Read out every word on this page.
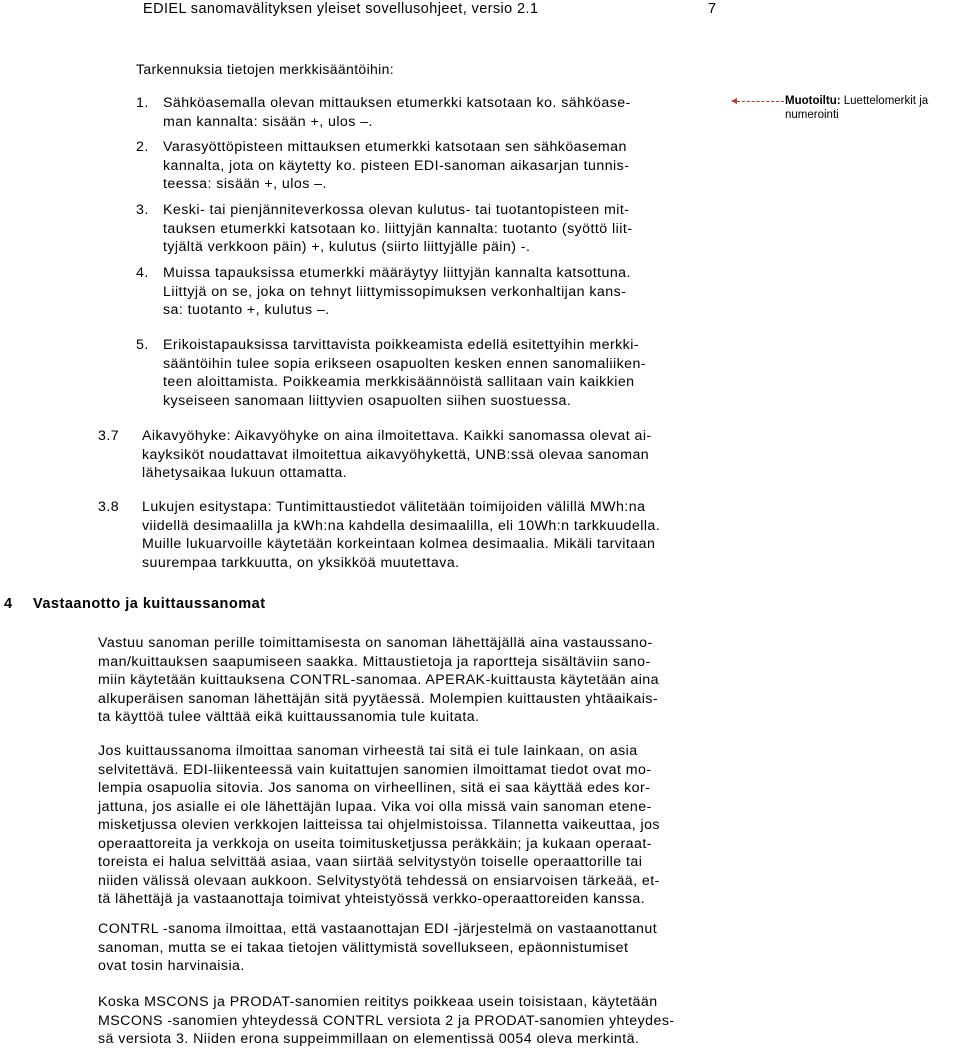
EDIEL sanomavälityksen yleiset sovellusohjeet, versio 2.1	7
Tarkennuksia tietojen merkkisääntöihin:
1. Sähköasemalla olevan mittauksen etumerkki katsotaan ko. sähköase-
man kannalta: sisään +, ulos –.
2. Varasyöttöpisteen mittauksen etumerkki katsotaan sen sähköaseman
kannalta, jota on käytetty ko. pisteen EDI-sanoman aikasarjan tunnis-
teessa: sisään +, ulos –.
3. Keski- tai pienjänniteverkossa olevan kulutus- tai tuotantopisteen mit-
tauksen etumerkki katsotaan ko. liittyjän kannalta: tuotanto (syöttö liit-
tyjältä verkkoon päin) +, kulutus (siirto liittyjälle päin) -.
4. Muissa tapauksissa etumerkki määräytyy liittyjän kannalta katsottuna.
Liittyjä on se, joka on tehnyt liittymissopimuksen verkonhaltijan kans-
sa: tuotanto +, kulutus –.
5. Erikoistapauksissa tarvittavista poikkeamista edellä esitettyihin merkki-
sääntöihin tulee sopia erikseen osapuolten kesken ennen sanomaliiken-
teen aloittamista. Poikkeamia merkkisäännöistä sallitaan vain kaikkien
kyseiseen sanomaan liittyvien osapuolten siihen suostuessa.
3.7 Aikavyöhyke: Aikavyöhyke on aina ilmoitettava. Kaikki sanomassa olevat ai-
kayksiköt noudattavat ilmoitettua aikavyöhykettä, UNB:ssä olevaa sanoman
lähetysaikaa lukuun ottamatta.
3.8 Lukujen esitystapa: Tuntimittaustiedot välitetään toimijoiden välillä MWh:na
viidellä desimaalilla ja kWh:na kahdella desimaalilla, eli 10Wh:n tarkkuudella.
Muille lukuarvoille käytetään korkeintaan kolmea desimaalia. Mikäli tarvitaan
suurempaa tarkkuutta, on yksikköä muutettava.
4 Vastaanotto ja kuittaussanomat
Vastuu sanoman perille toimittamisesta on sanoman lähettäjällä aina vastaussano-
man/kuittauksen saapumiseen saakka. Mittaustietoja ja raportteja sisältäviin sano-
miin käytetään kuittauksena CONTRL-sanomaa. APERAK-kuittausta käytetään aina
alkuperäisen sanoman lähettäjän sitä pyytäessä. Molempien kuittausten yhtäaikais-
ta käyttöä tulee välttää eikä kuittaussanomia tule kuitata.
Jos kuittaussanoma ilmoittaa sanoman virheestä tai sitä ei tule lainkaan, on asia
selvitettävä. EDI-liikenteessä vain kuitattujen sanomien ilmoittamat tiedot ovat mo-
lempia osapuolia sitovia. Jos sanoma on virheellinen, sitä ei saa käyttää edes kor-
jattuna, jos asialle ei ole lähettäjän lupaa. Vika voi olla missä vain sanoman etene-
misketjussa olevien verkkojen laitteissa tai ohjelmistoissa. Tilannetta vaikeuttaa, jos
operaattoreita ja verkkoja on useita toimitusketjussa peräkkäin; ja kukaan operaat-
toreista ei halua selvittää asiaa, vaan siirtää selvitystyön toiselle operaattorille tai
niiden välissä olevaan aukkoon. Selvitystyötä tehdessä on ensiarvoisen tärkeää, et-
tä lähettäjä ja vastaanottaja toimivat yhteistyössä verkko-operaattoreiden kanssa.
CONTRL -sanoma ilmoittaa, että vastaanottajan EDI -järjestelmä on vastaanottanut
sanoman, mutta se ei takaa tietojen välittymistä sovellukseen, epäonnistumiset
ovat tosin harvinaisia.
Koska MSCONS ja PRODAT-sanomien reititys poikkeaa usein toisistaan, käytetään
MSCONS -sanomien yhteydessä CONTRL versiota 2 ja PRODAT-sanomien yhteydes-
sä versiota 3. Niiden erona suppeimmillaan on elementissä 0054 oleva merkintä.
Muotoiltu: Luettelomerkit ja numerointi
